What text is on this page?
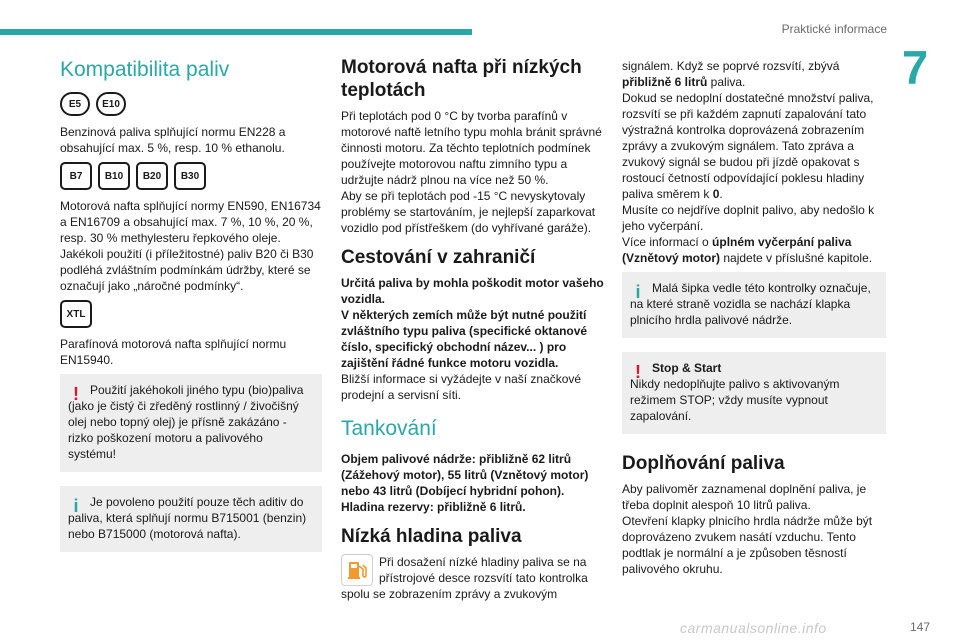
Praktické informace
7
Kompatibilita paliv
E5	E10

Benzinová paliva splňující normu EN228 a obsahující max. 5 %, resp. 10 % ethanolu.

B7	B10	B20	B30

Motorová nafta splňující normy EN590, EN16734 a EN16709 a obsahující max. 7 %, 10 %, 20 %, resp. 30 % methylesteru řepkového oleje. Jakékoli použití (i příležitostné) paliv B20 či B30 podléhá zvláštním podmínkám údržby, které se označují jako „náročné podmínky“.

XTL

Parafínová motorová nafta splňující normu EN15940.

! Použití jakéhokoli jiného typu (bio)paliva
(jako je čistý či zředěný rostlinný / živočišný olej nebo topný olej) je přísně zakázáno - rizko poškození motoru a palivového systému!
i Je povoleno použití pouze těch aditiv do
paliva, která splňují normu B715001 (benzin) nebo B715000 (motorová nafta).
Motorová nafta při nízkých teplotách

Při teplotách pod 0 °C by tvorba parafínů v motorové naftě letního typu mohla bránit správné činnosti motoru. Za těchto teplotních podmínek používejte motorovou naftu zimního typu a udržujte nádrž plnou na více než 50 %.

Aby se při teplotách pod -15 °C nevyskytovaly problémy se startováním, je nejlepší zaparkovat vozidlo pod přístřeškem (do vyhřívané garáže).

Cestování v zahraničí

Určitá paliva by mohla poškodit motor vašeho vozidla.

V některých zemích může být nutné použití zvláštního typu paliva (specifické oktanové číslo, specifický obchodní název... ) pro zajištění řádné funkce motoru vozidla.

Bližší informace si vyžádejte v naší značkové prodejní a servisní síti.

Tankování

Objem palivové nádrže: přibližně 62 litrů (Zážehový motor), 55 litrů (Vznětový motor) nebo 43 litrů (Dobíjecí hybridní pohon). Hladina rezervy: přibližně 6 litrů.

Nízká hladina paliva

Při dosažení nízké hladiny paliva se na přístrojové desce rozsvítí tato kontrolka
spolu se zobrazením zprávy a zvukovým

signálem. Když se poprvé rozsvítí, zbývá přibližně 6 litrů paliva.

Dokud se nedoplní dostatečné množství paliva, rozsvítí se při každém zapnutí zapalování tato výstražná kontrolka doprovázená zobrazením zprávy a zvukovým signálem. Tato zpráva a zvukový signál se budou při jízdě opakovat s rostoucí četností odpovídající poklesu hladiny paliva směrem k 0.

Musíte co nejdříve doplnit palivo, aby nedošlo k jeho vyčerpání.

Více informací o úplném vyčerpání paliva (Vznětový motor) najdete v příslušné kapitole.

i Malá šipka vedle této kontrolky označuje,
na které straně vozidla se nachází klapka plnicího hrdla palivové nádrže.
! Stop & Start
Nikdy nedoplňujte palivo s aktivovaným režimem STOP; vždy musíte vypnout zapalování.
Doplňování paliva

Aby palivoměr zaznamenal doplnění paliva, je třeba doplnit alespoň 10 litrů paliva.

Otevření klapky plnicího hrdla nádrže může být doprovázeno zvukem nasátí vzduchu. Tento podtlak je normální a je způsoben těsností palivového okruhu.

carmanualsonline.info	147
